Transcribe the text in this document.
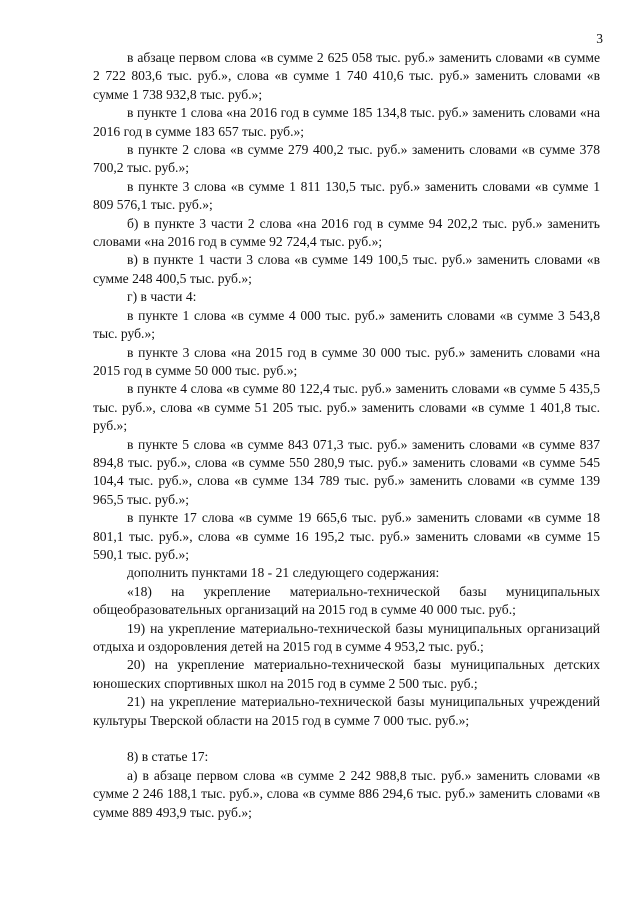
3

в абзаце первом слова «в сумме 2 625 058 тыс. руб.» заменить словами «в сумме 2 722 803,6 тыс. руб.», слова «в сумме 1 740 410,6 тыс. руб.» заменить словами «в сумме 1 738 932,8 тыс. руб.»;

в пункте 1 слова «на 2016 год в сумме 185 134,8 тыс. руб.» заменить словами «на 2016 год в сумме 183 657 тыс. руб.»;

в пункте 2 слова «в сумме 279 400,2 тыс. руб.» заменить словами «в сумме 378 700,2 тыс. руб.»;

в пункте 3 слова «в сумме 1 811 130,5 тыс. руб.» заменить словами «в сумме 1 809 576,1 тыс. руб.»;

б) в пункте 3 части 2 слова «на 2016 год в сумме 94 202,2 тыс. руб.» заменить словами «на 2016 год в сумме 92 724,4 тыс. руб.»;

в) в пункте 1 части 3 слова «в сумме 149 100,5 тыс. руб.» заменить словами «в сумме 248 400,5 тыс. руб.»;

г) в части 4:

в пункте 1 слова «в сумме 4 000 тыс. руб.» заменить словами «в сумме 3 543,8 тыс. руб.»;

в пункте 3 слова «на 2015 год в сумме 30 000 тыс. руб.» заменить словами «на 2015 год в сумме 50 000 тыс. руб.»;

в пункте 4 слова «в сумме 80 122,4 тыс. руб.» заменить словами «в сумме 5 435,5 тыс. руб.», слова «в сумме 51 205 тыс. руб.» заменить словами «в сумме 1 401,8 тыс. руб.»;

в пункте 5 слова «в сумме 843 071,3 тыс. руб.» заменить словами «в сумме 837 894,8 тыс. руб.», слова «в сумме 550 280,9 тыс. руб.» заменить словами «в сумме 545 104,4 тыс. руб.», слова «в сумме 134 789 тыс. руб.» заменить словами «в сумме 139 965,5 тыс. руб.»;

в пункте 17 слова «в сумме 19 665,6 тыс. руб.» заменить словами «в сумме 18 801,1 тыс. руб.», слова «в сумме 16 195,2 тыс. руб.» заменить словами «в сумме 15 590,1 тыс. руб.»;

дополнить пунктами 18 - 21 следующего содержания:

«18) на укрепление материально-технической базы муниципальных общеобразовательных организаций на 2015 год в сумме 40 000 тыс. руб.;

19) на укрепление материально-технической базы муниципальных организаций отдыха и оздоровления детей на 2015 год в сумме 4 953,2 тыс. руб.;

20) на укрепление материально-технической базы муниципальных детских юношеских спортивных школ на 2015 год в сумме 2 500 тыс. руб.;

21) на укрепление материально-технической базы муниципальных учреждений культуры Тверской области на 2015 год в сумме 7 000 тыс. руб.»;

8) в статье 17:

а) в абзаце первом слова «в сумме 2 242 988,8 тыс. руб.» заменить словами «в сумме 2 246 188,1 тыс. руб.», слова «в сумме 886 294,6 тыс. руб.» заменить словами «в сумме 889 493,9 тыс. руб.»;
